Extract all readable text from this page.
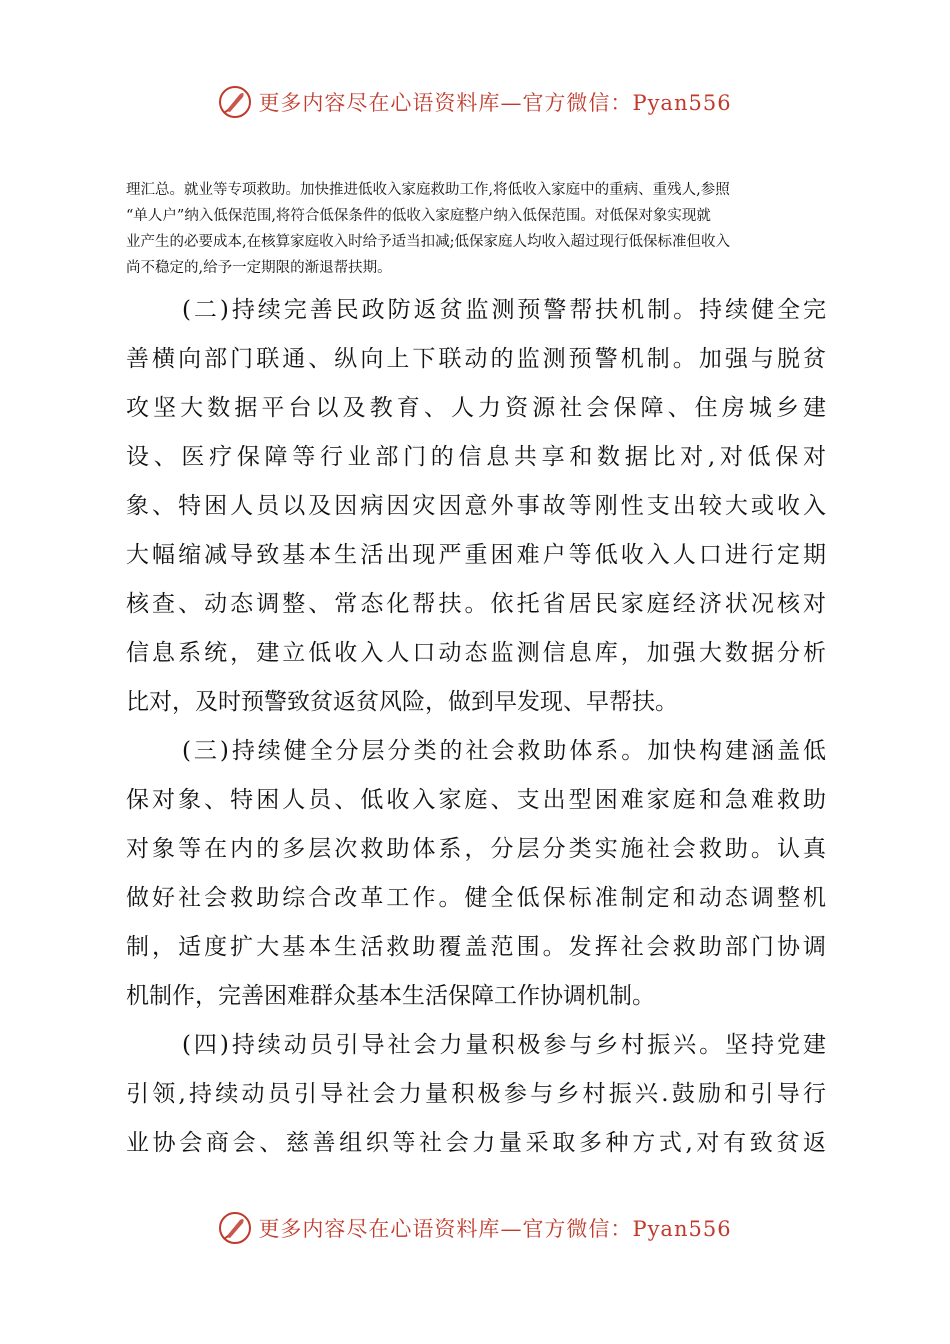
更多内容尽在心语资料库—官方微信：Pyan556
理汇总。就业等专项救助。加快推进低收入家庭救助工作,将低收入家庭中的重病、重残人,参照
“单人户”纳入低保范围,将符合低保条件的低收入家庭整户纳入低保范围。对低保对象实现就
业产生的必要成本,在核算家庭收入时给予适当扣减;低保家庭人均收入超过现行低保标准但收入
尚不稳定的,给予一定期限的渐退帮扶期。
(二)持续完善民政防返贫监测预警帮扶机制。持续健全完
善横向部门联通、纵向上下联动的监测预警机制。加强与脱贫
攻坚大数据平台以及教育、人力资源社会保障、住房城乡建
设、医疗保障等行业部门的信息共享和数据比对,对低保对
象、特困人员以及因病因灾因意外事故等刚性支出较大或收入
大幅缩减导致基本生活出现严重困难户等低收入人口进行定期
核查、动态调整、常态化帮扶。依托省居民家庭经济状况核对
信息系统，建立低收入人口动态监测信息库，加强大数据分析
比对，及时预警致贫返贫风险，做到早发现、早帮扶。
(三)持续健全分层分类的社会救助体系。加快构建涵盖低
保对象、特困人员、低收入家庭、支出型困难家庭和急难救助
对象等在内的多层次救助体系，分层分类实施社会救助。认真
做好社会救助综合改革工作。健全低保标准制定和动态调整机
制，适度扩大基本生活救助覆盖范围。发挥社会救助部门协调
机制作，完善困难群众基本生活保障工作协调机制。
(四)持续动员引导社会力量积极参与乡村振兴。坚持党建
引领,持续动员引导社会力量积极参与乡村振兴.鼓励和引导行
业协会商会、慈善组织等社会力量采取多种方式,对有致贫返
更多内容尽在心语资料库—官方微信：Pyan556
